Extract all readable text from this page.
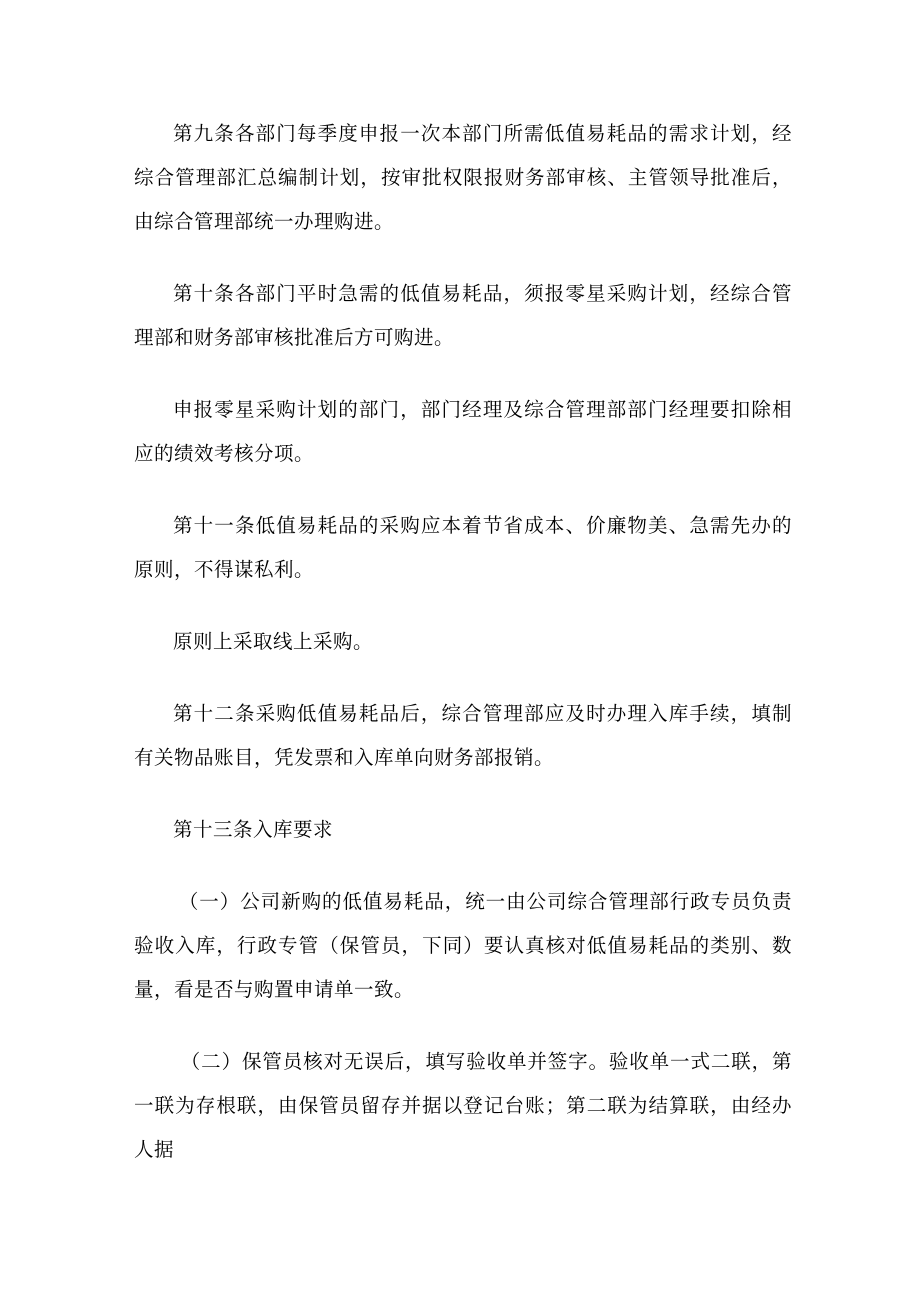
第九条各部门每季度申报一次本部门所需低值易耗品的需求计划，经综合管理部汇总编制计划，按审批权限报财务部审核、主管领导批准后，由综合管理部统一办理购进。

第十条各部门平时急需的低值易耗品，须报零星采购计划，经综合管理部和财务部审核批准后方可购进。

申报零星采购计划的部门，部门经理及综合管理部部门经理要扣除相应的绩效考核分项。

第十一条低值易耗品的采购应本着节省成本、价廉物美、急需先办的原则，不得谋私利。

原则上采取线上采购。

第十二条采购低值易耗品后，综合管理部应及时办理入库手续，填制有关物品账目，凭发票和入库单向财务部报销。

第十三条入库要求

（一）公司新购的低值易耗品，统一由公司综合管理部行政专员负责验收入库，行政专管（保管员，下同）要认真核对低值易耗品的类别、数量，看是否与购置申请单一致。

（二）保管员核对无误后，填写验收单并签字。验收单一式二联，第一联为存根联，由保管员留存并据以登记台账；第二联为结算联，由经办人据
